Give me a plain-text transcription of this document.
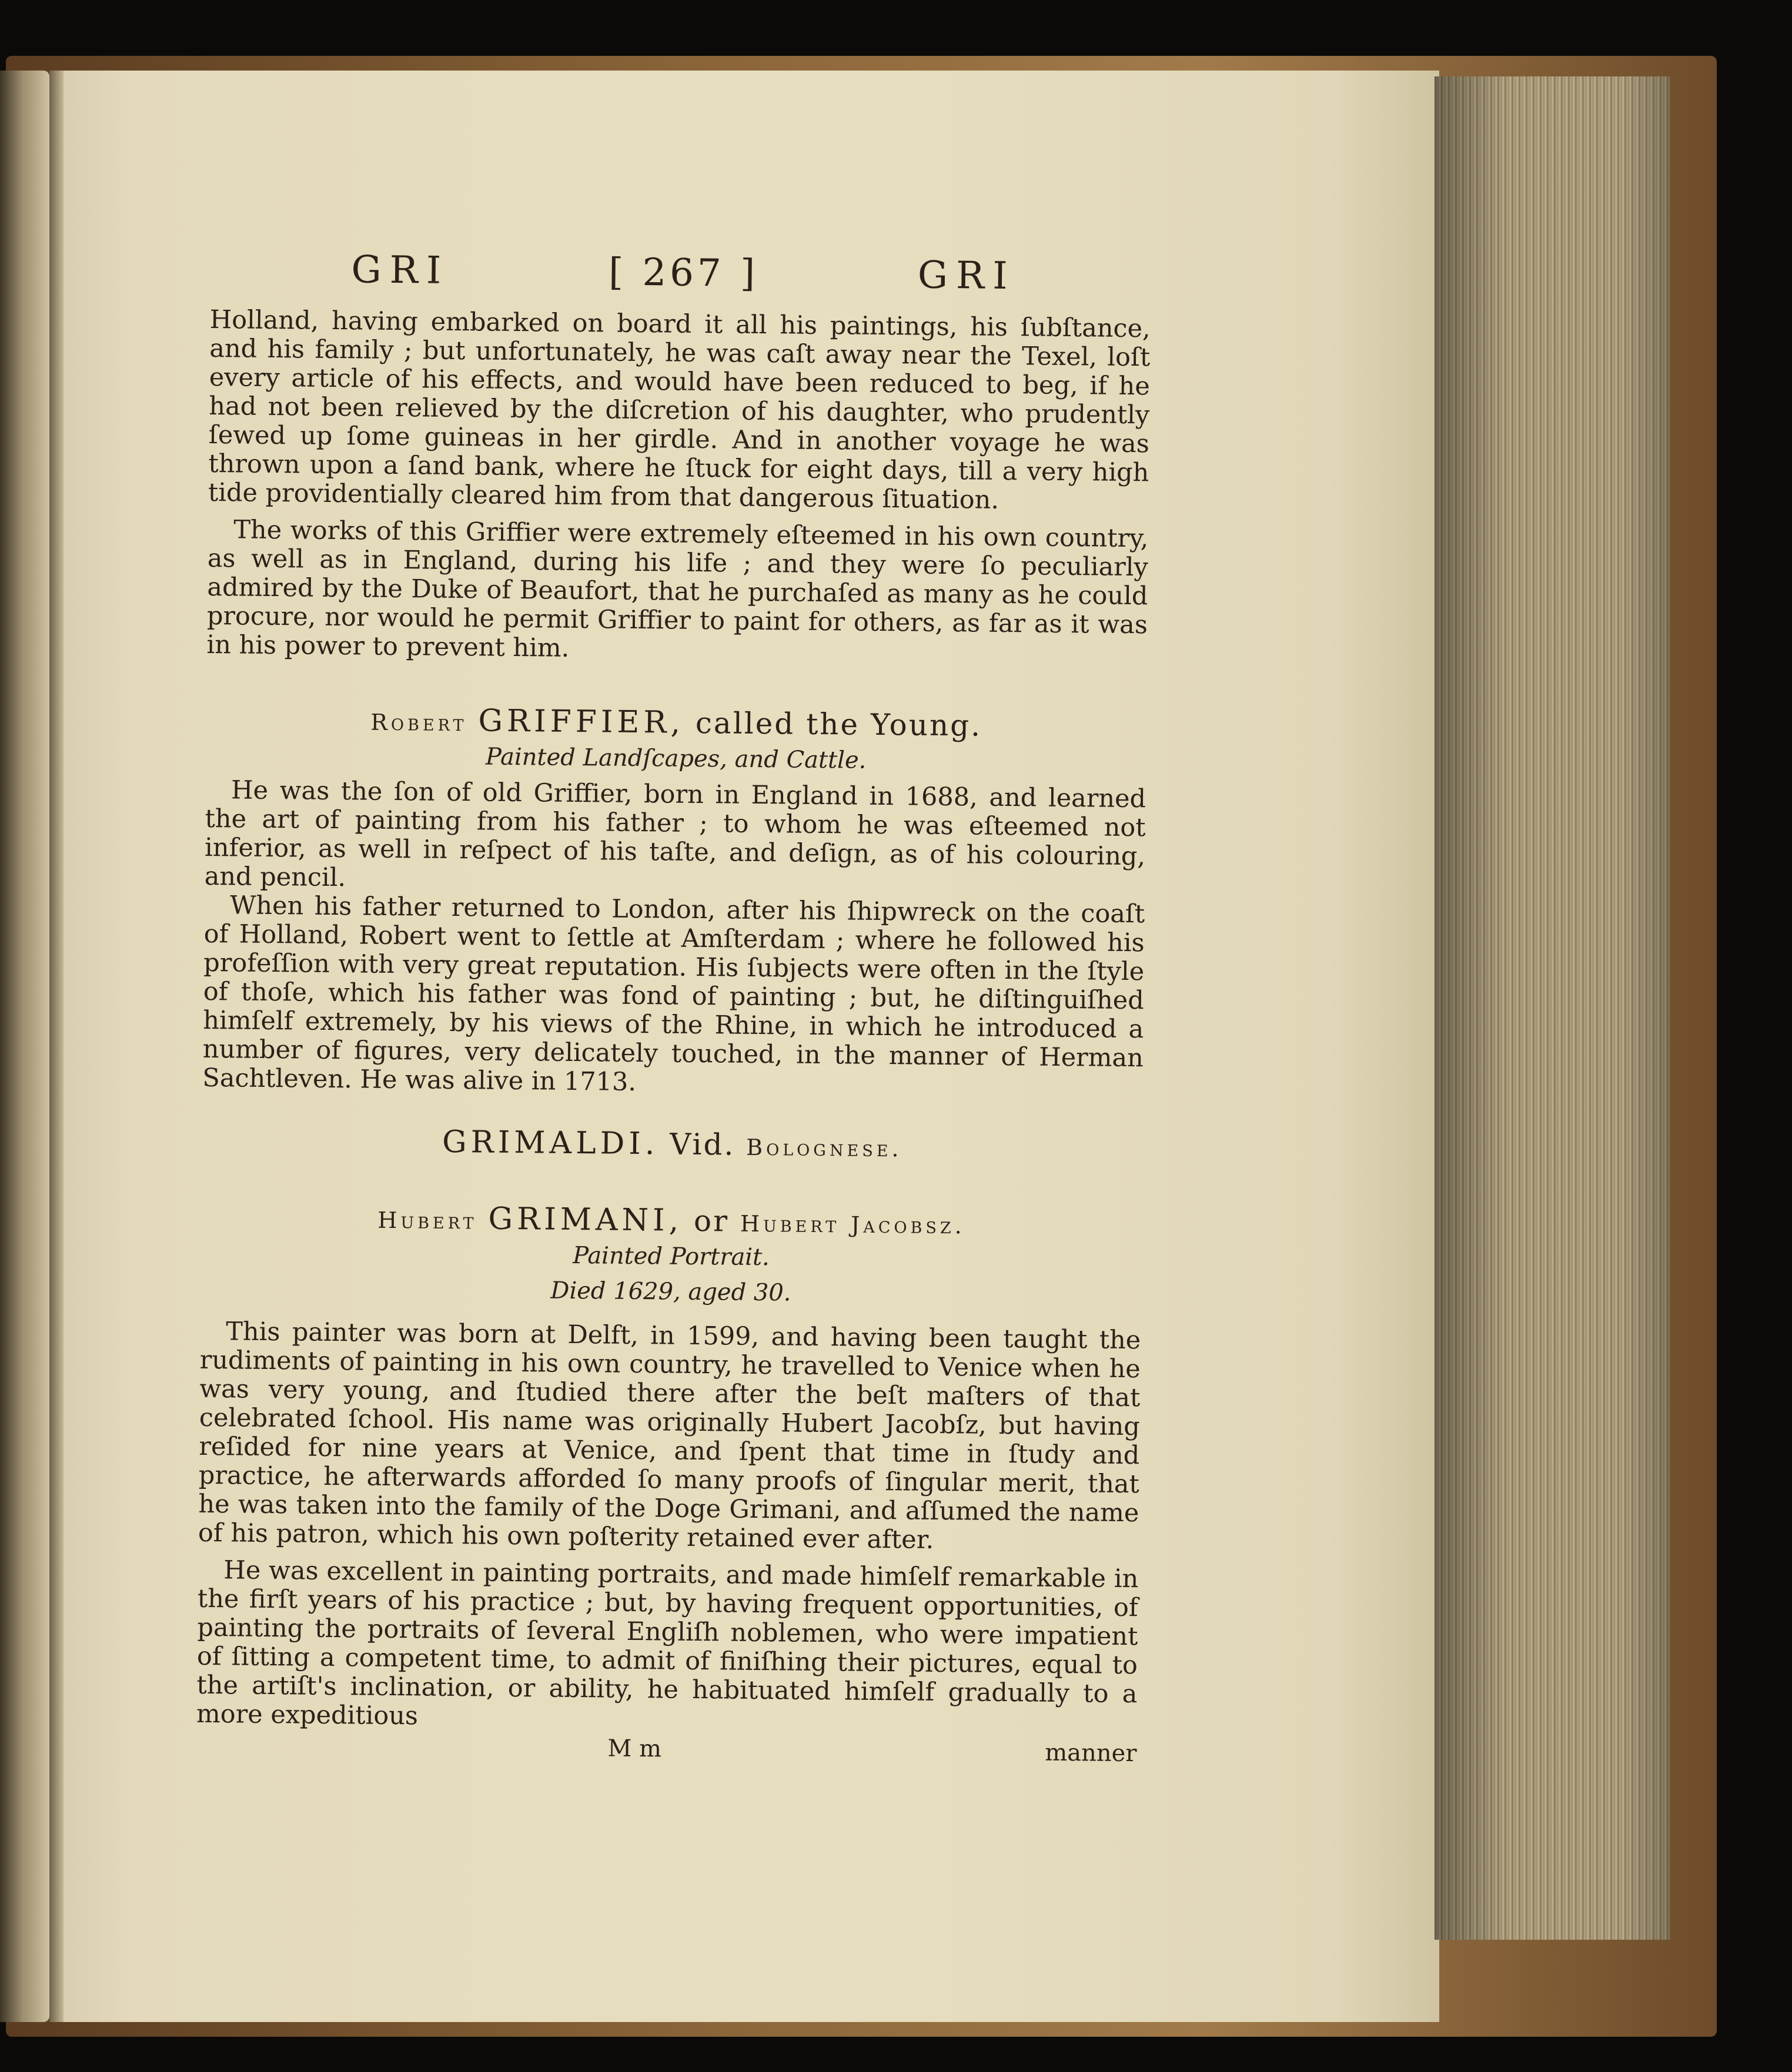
GRI	[ 267 ]	GRI

Holland, having embarked on board it all his paintings, his ſubſtance, and his family ; but unfortunately, he was caſt away near the Texel, loſt every article of his effects, and would have been reduced to beg, if he had not been relieved by the diſcretion of his daughter, who prudently ſewed up ſome guineas in her girdle. And in another voyage he was thrown upon a ſand bank, where he ſtuck for eight days, till a very high tide providentially cleared him from that dangerous ſituation.

The works of this Griffier were extremely eſteemed in his own country, as well as in England, during his life ; and they were ſo peculiarly admired by the Duke of Beaufort, that he purchaſed as many as he could procure, nor would he permit Griffier to paint for others, as far as it was in his power to prevent him.

Robert GRIFFIER, called the Young.
Painted Landſcapes, and Cattle.

He was the ſon of old Griffier, born in England in 1688, and learned the art of painting from his father ; to whom he was eſteemed not inferior, as well in reſpect of his taſte, and deſign, as of his colouring, and pencil.

When his father returned to London, after his ſhipwreck on the coaſt of Holland, Robert went to ſettle at Amſterdam ; where he followed his profeſſion with very great reputation. His ſubjects were often in the ſtyle of thoſe, which his father was fond of painting ; but, he diſtinguiſhed himſelf extremely, by his views of the Rhine, in which he introduced a number of figures, very delicately touched, in the manner of Herman Sachtleven. He was alive in 1713.

GRIMALDI. Vid. Bolognese.
Hubert GRIMANI, or Hubert Jacobsz.
Painted Portrait.
Died 1629, aged 30.

This painter was born at Delft, in 1599, and having been taught the rudiments of painting in his own country, he travelled to Venice when he was very young, and ſtudied there after the beſt maſters of that celebrated ſchool. His name was originally Hubert Jacobſz, but having reſided for nine years at Venice, and ſpent that time in ſtudy and practice, he afterwards afforded ſo many proofs of ſingular merit, that he was taken into the family of the Doge Grimani, and aſſumed the name of his patron, which his own poſterity retained ever after.

He was excellent in painting portraits, and made himſelf remarkable in the firſt years of his practice ; but, by having frequent opportunities, of painting the portraits of ſeveral Engliſh noblemen, who were impatient of ſitting a competent time, to admit of finiſhing their pictures, equal to the artiſt's inclination, or ability, he habituated himſelf gradually to a more expeditious

M m	manner
